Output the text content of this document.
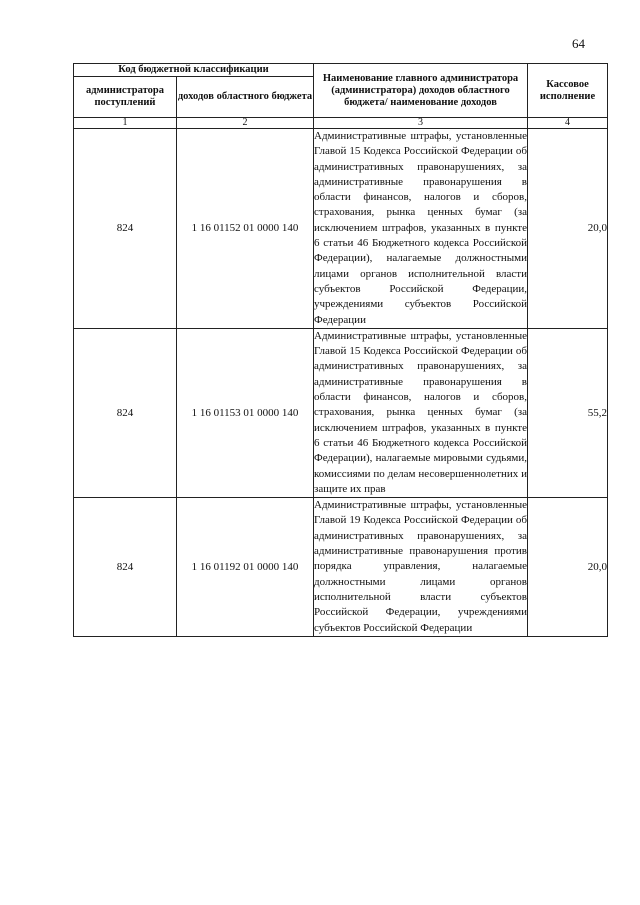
64
Код бюджетной классификации		Наименование главного администратора (администратора) доходов областного бюджета/ наименование доходов	Кассовое исполнение
администратора поступлений	доходов областного бюджета		
1	2	3	4
824	1 16 01152 01 0000 140	Административные штрафы, установленные Главой 15 Кодекса Российской Федерации об административных правонарушениях, за административные правонарушения в области финансов, налогов и сборов, страхования, рынка ценных бумаг (за исключением штрафов, указанных в пункте 6 статьи 46 Бюджетного кодекса Российской Федерации), налагаемые должностными лицами органов исполнительной власти субъектов Российской Федерации, учреждениями субъектов Российской Федерации	20,0
824	1 16 01153 01 0000 140	Административные штрафы, установленные Главой 15 Кодекса Российской Федерации об административных правонарушениях, за административные правонарушения в области финансов, налогов и сборов, страхования, рынка ценных бумаг (за исключением штрафов, указанных в пункте 6 статьи 46 Бюджетного кодекса Российской Федерации), налагаемые мировыми судьями, комиссиями по делам несовершеннолетних и защите их прав	55,2
824	1 16 01192 01 0000 140	Административные штрафы, установленные Главой 19 Кодекса Российской Федерации об административных правонарушениях, за административные правонарушения против порядка управления, налагаемые должностными лицами органов исполнительной власти субъектов Российской Федерации, учреждениями субъектов Российской Федерации	20,0
